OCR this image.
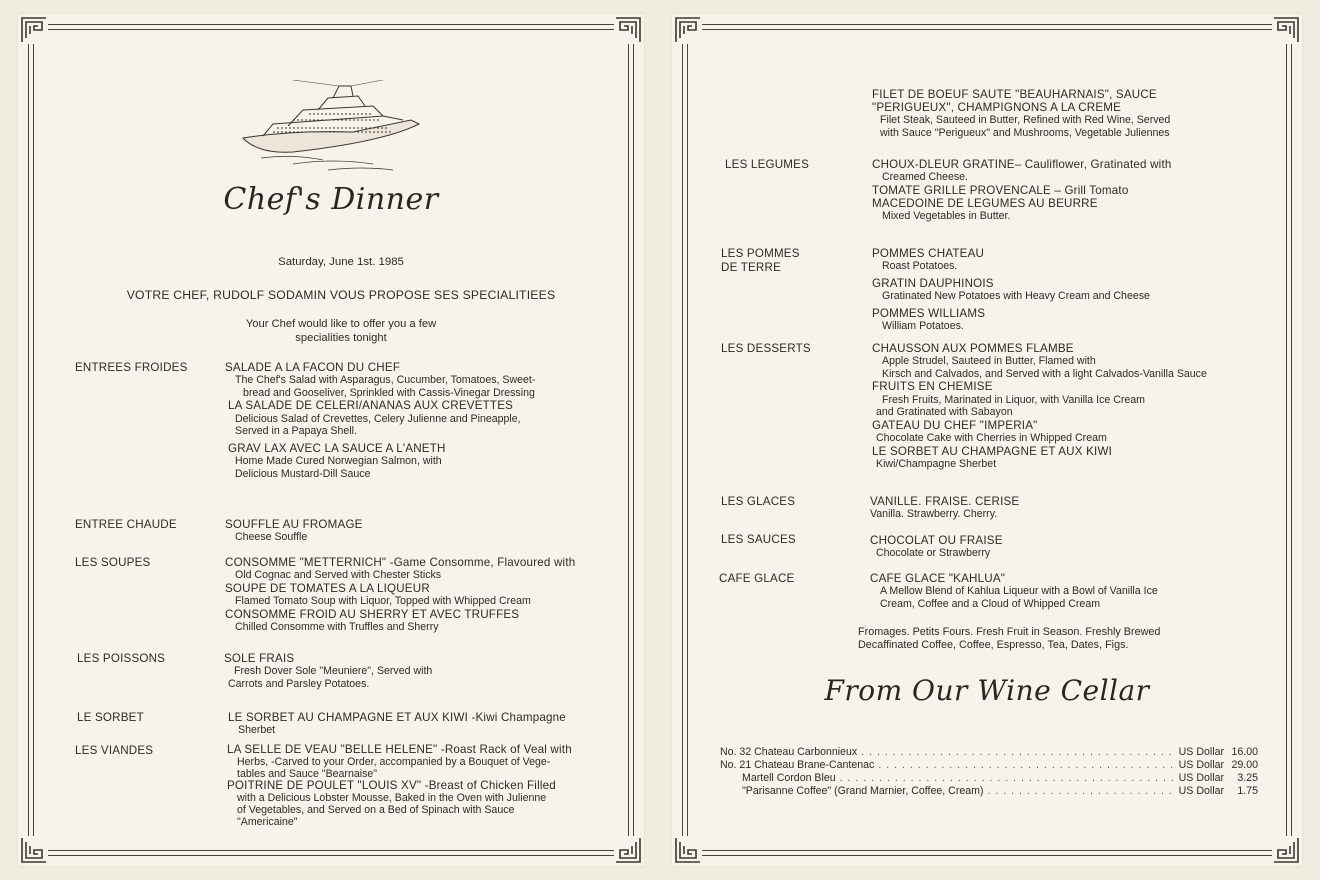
Chef's Dinner
Saturday, June 1st. 1985
VOTRE CHEF, RUDOLF SODAMIN VOUS PROPOSE SES SPECIALITIEES
Your Chef would like to offer you a few
specialities tonight
ENTREES FROIDES	SALADE A LA FACON DU CHEF
The Chef's Salad with Asparagus, Cucumber, Tomatoes, Sweet-
bread and Gooseliver, Sprinkled with Cassis-Vinegar Dressing
LA SALADE DE CELERI/ANANAS AUX CREVETTES
Delicious Salad of Crevettes, Celery Julienne and Pineapple,
Served in a Papaya Shell.
GRAV LAX AVEC LA SAUCE A L'ANETH
Home Made Cured Norwegian Salmon, with
Delicious Mustard-Dill Sauce
ENTREE CHAUDE	SOUFFLE AU FROMAGE
Cheese Souffle
LES SOUPES	CONSOMME "METTERNICH" -Game Consomme, Flavoured with
Old Cognac and Served with Chester Sticks
SOUPE DE TOMATES A LA LIQUEUR
Flamed Tomato Soup with Liquor, Topped with Whipped Cream
CONSOMME FROID AU SHERRY ET AVEC TRUFFES
Chilled Consomme with Truffles and Sherry
LES POISSONS	SOLE FRAIS
Fresh Dover Sole "Meuniere", Served with
Carrots and Parsley Potatoes.
LE SORBET	LE SORBET AU CHAMPAGNE ET AUX KIWI -Kiwi Champagne
Sherbet
LES VIANDES	LA SELLE DE VEAU "BELLE HELENE" -Roast Rack of Veal with
Herbs, -Carved to your Order, accompanied by a Bouquet of Vege-
tables and Sauce "Bearnaise"
POITRINE DE POULET "LOUIS XV" -Breast of Chicken Filled
with a Delicious Lobster Mousse, Baked in the Oven with Julienne
of Vegetables, and Served on a Bed of Spinach with Sauce
"Americaine"
FILET DE BOEUF SAUTE "BEAUHARNAIS", SAUCE
"PERIGUEUX", CHAMPIGNONS A LA CREME
Filet Steak, Sauteed in Butter, Refined with Red Wine, Served
with Sauce "Perigueux" and Mushrooms, Vegetable Juliennes
LES LEGUMES	CHOUX-DLEUR GRATINE– Cauliflower, Gratinated with
Creamed Cheese.
TOMATE GRILLE PROVENCALE – Grill Tomato
MACEDOINE DE LEGUMES AU BEURRE
Mixed Vegetables in Butter.
LES POMMES
DE TERRE
POMMES CHATEAU
Roast Potatoes.
GRATIN DAUPHINOIS
Gratinated New Potatoes with Heavy Cream and Cheese
POMMES WILLIAMS
William Potatoes.
LES DESSERTS	CHAUSSON AUX POMMES FLAMBE
Apple Strudel, Sauteed in Butter, Flamed with
Kirsch and Calvados, and Served with a light Calvados-Vanilla Sauce
FRUITS EN CHEMISE
Fresh Fruits, Marinated in Liquor, with Vanilla Ice Cream
and Gratinated with Sabayon
GATEAU DU CHEF "IMPERIA"
Chocolate Cake with Cherries in Whipped Cream
LE SORBET AU CHAMPAGNE ET AUX KIWI
Kiwi/Champagne Sherbet
LES GLACES	VANILLE. FRAISE. CERISE
Vanilla. Strawberry. Cherry.
LES SAUCES	CHOCOLAT OU FRAISE
Chocolate or Strawberry
CAFE GLACE	CAFE GLACE "KAHLUA"
A Mellow Blend of Kahlua Liqueur with a Bowl of Vanilla Ice
Cream, Coffee and a Cloud of Whipped Cream
Fromages. Petits Fours. Fresh Fruit in Season. Freshly Brewed
Decaffinated Coffee, Coffee, Espresso, Tea, Dates, Figs.
From Our Wine Cellar
No. 32 Chateau Carbonnieux . . .	US Dollar 16.00
No. 21 Chateau Brane-Cantenac . . .	US Dollar 29.00
Martell Cordon Bleu . . .	US Dollar	3.25
"Parisanne Coffee" (Grand Marnier, Coffee, Cream) . . .	US Dollar	1.75
